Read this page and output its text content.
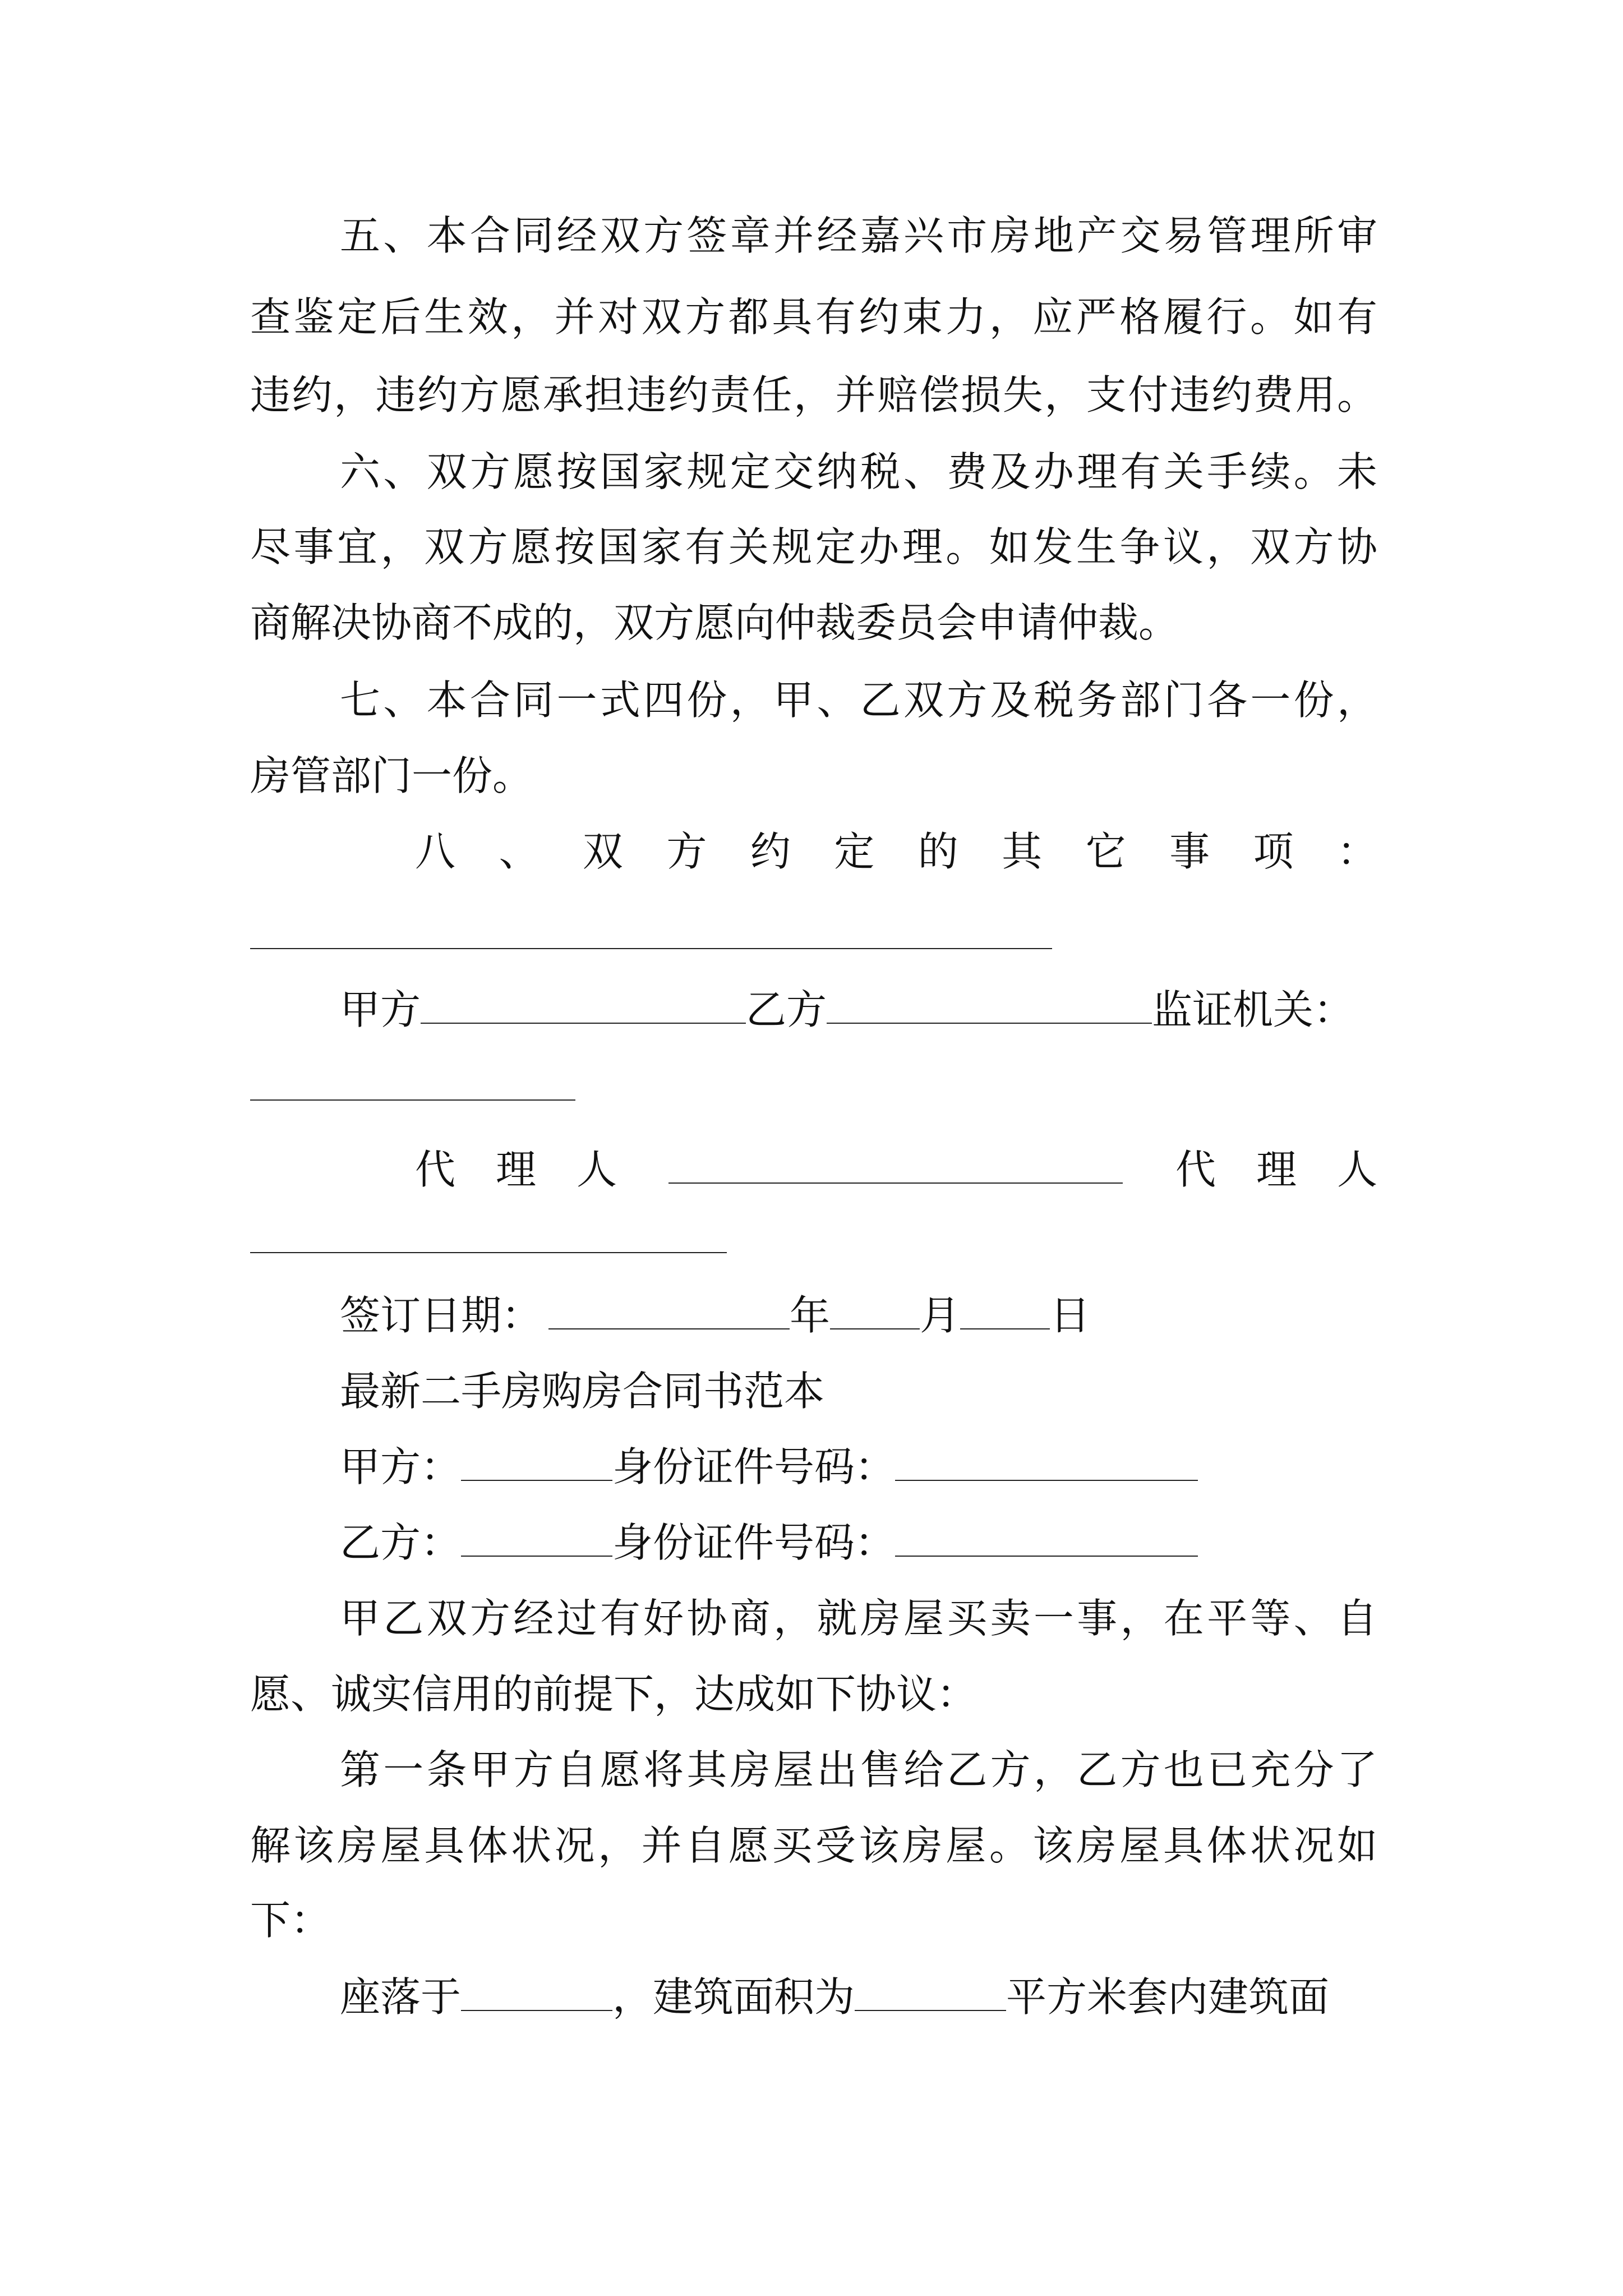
五、本合同经双方签章并经嘉兴市房地产交易管理所审
查鉴定后生效，并对双方都具有约束力，应严格履行。如有
违约，违约方愿承担违约责任，并赔偿损失，支付违约费用。
六、双方愿按国家规定交纳税、费及办理有关手续。未
尽事宜，双方愿按国家有关规定办理。如发生争议，双方协
商解决协商不成的，双方愿向仲裁委员会申请仲裁。
七、本合同一式四份，甲、乙双方及税务部门各一份，
房管部门一份。
八、双方约定的其它事项：
甲方	乙方	监证机关：
代理人	代理人
签订日期：	年 月 日
最新二手房购房合同书范本
甲方：	身份证件号码：
乙方：	身份证件号码：
甲乙双方经过有好协商，就房屋买卖一事，在平等、自
愿、诚实信用的前提下，达成如下协议：
第一条甲方自愿将其房屋出售给乙方，乙方也已充分了
解该房屋具体状况，并自愿买受该房屋。该房屋具体状况如
下：
座落于	，建筑面积为	平方米套内建筑面
